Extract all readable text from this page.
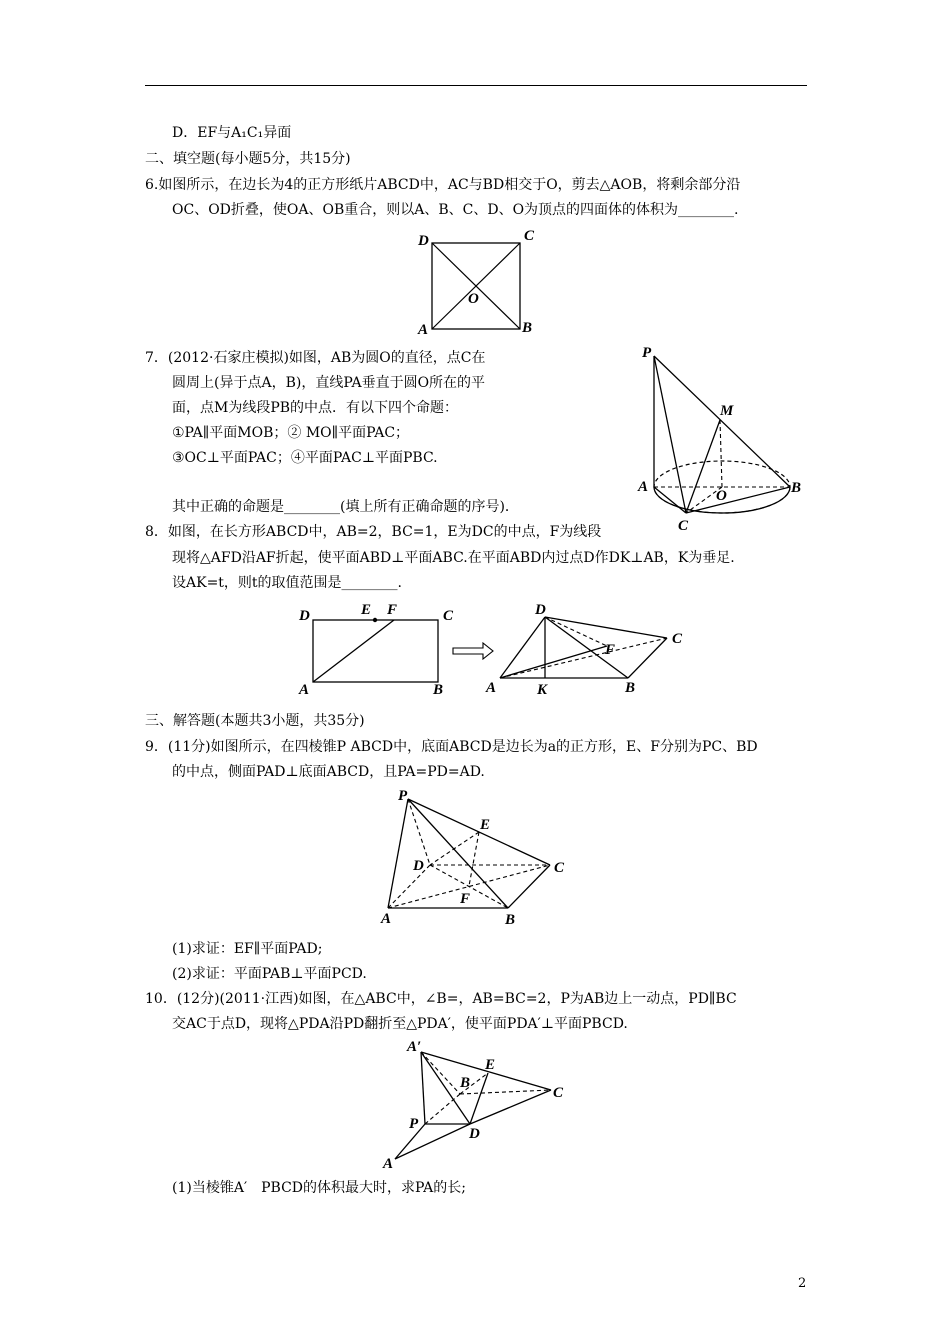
D．EF与A₁C₁异面
二、填空题(每小题5分，共15分)
6.如图所示，在边长为4的正方形纸片ABCD中，AC与BD相交于O，剪去△AOB，将剩余部分沿
OC、OD折叠，使OA、OB重合，则以A、B、C、D、O为顶点的四面体的体积为________.
D	C
O
A	B
7．(2012·石家庄模拟)如图，AB为圆O的直径，点C在
圆周上(异于点A，B)，直线PA垂直于圆O所在的平
面，点M为线段PB的中点．有以下四个命题：
①PA∥平面MOB；② MO∥平面PAC；
③OC⊥平面PAC；④平面PAC⊥平面PBC.
其中正确的命题是________(填上所有正确命题的序号)．
P
M
A
O	B
C
8．如图，在长方形ABCD中，AB=2，BC=1，E为DC的中点，F为线段
现将△AFD沿AF折起，使平面ABD⊥平面ABC.在平面ABD内过点D作DK⊥AB，K为垂足.
设AK=t，则t的取值范围是________.
D	E F	C
A	B
D
C
F
A	K	B
三、解答题(本题共3小题，共35分)
9．(11分)如图所示，在四棱锥P ABCD中，底面ABCD是边长为a的正方形，E、F分别为PC、BD
的中点，侧面PAD⊥底面ABCD，且PA=PD=AD.
P
E
D	C
F
A	B
(1)求证：EF∥平面PAD;
(2)求证：平面PAB⊥平面PCD.
10．(12分)(2011·江西)如图，在△ABC中，∠B=，AB=BC=2，P为AB边上一动点，PD∥BC
交AC于点D，现将△PDA沿PD翻折至△PDA′，使平面PDA′⊥平面PBCD.
A′
E
B
C
P
D
A
(1)当棱锥A′　PBCD的体积最大时，求PA的长;
2
